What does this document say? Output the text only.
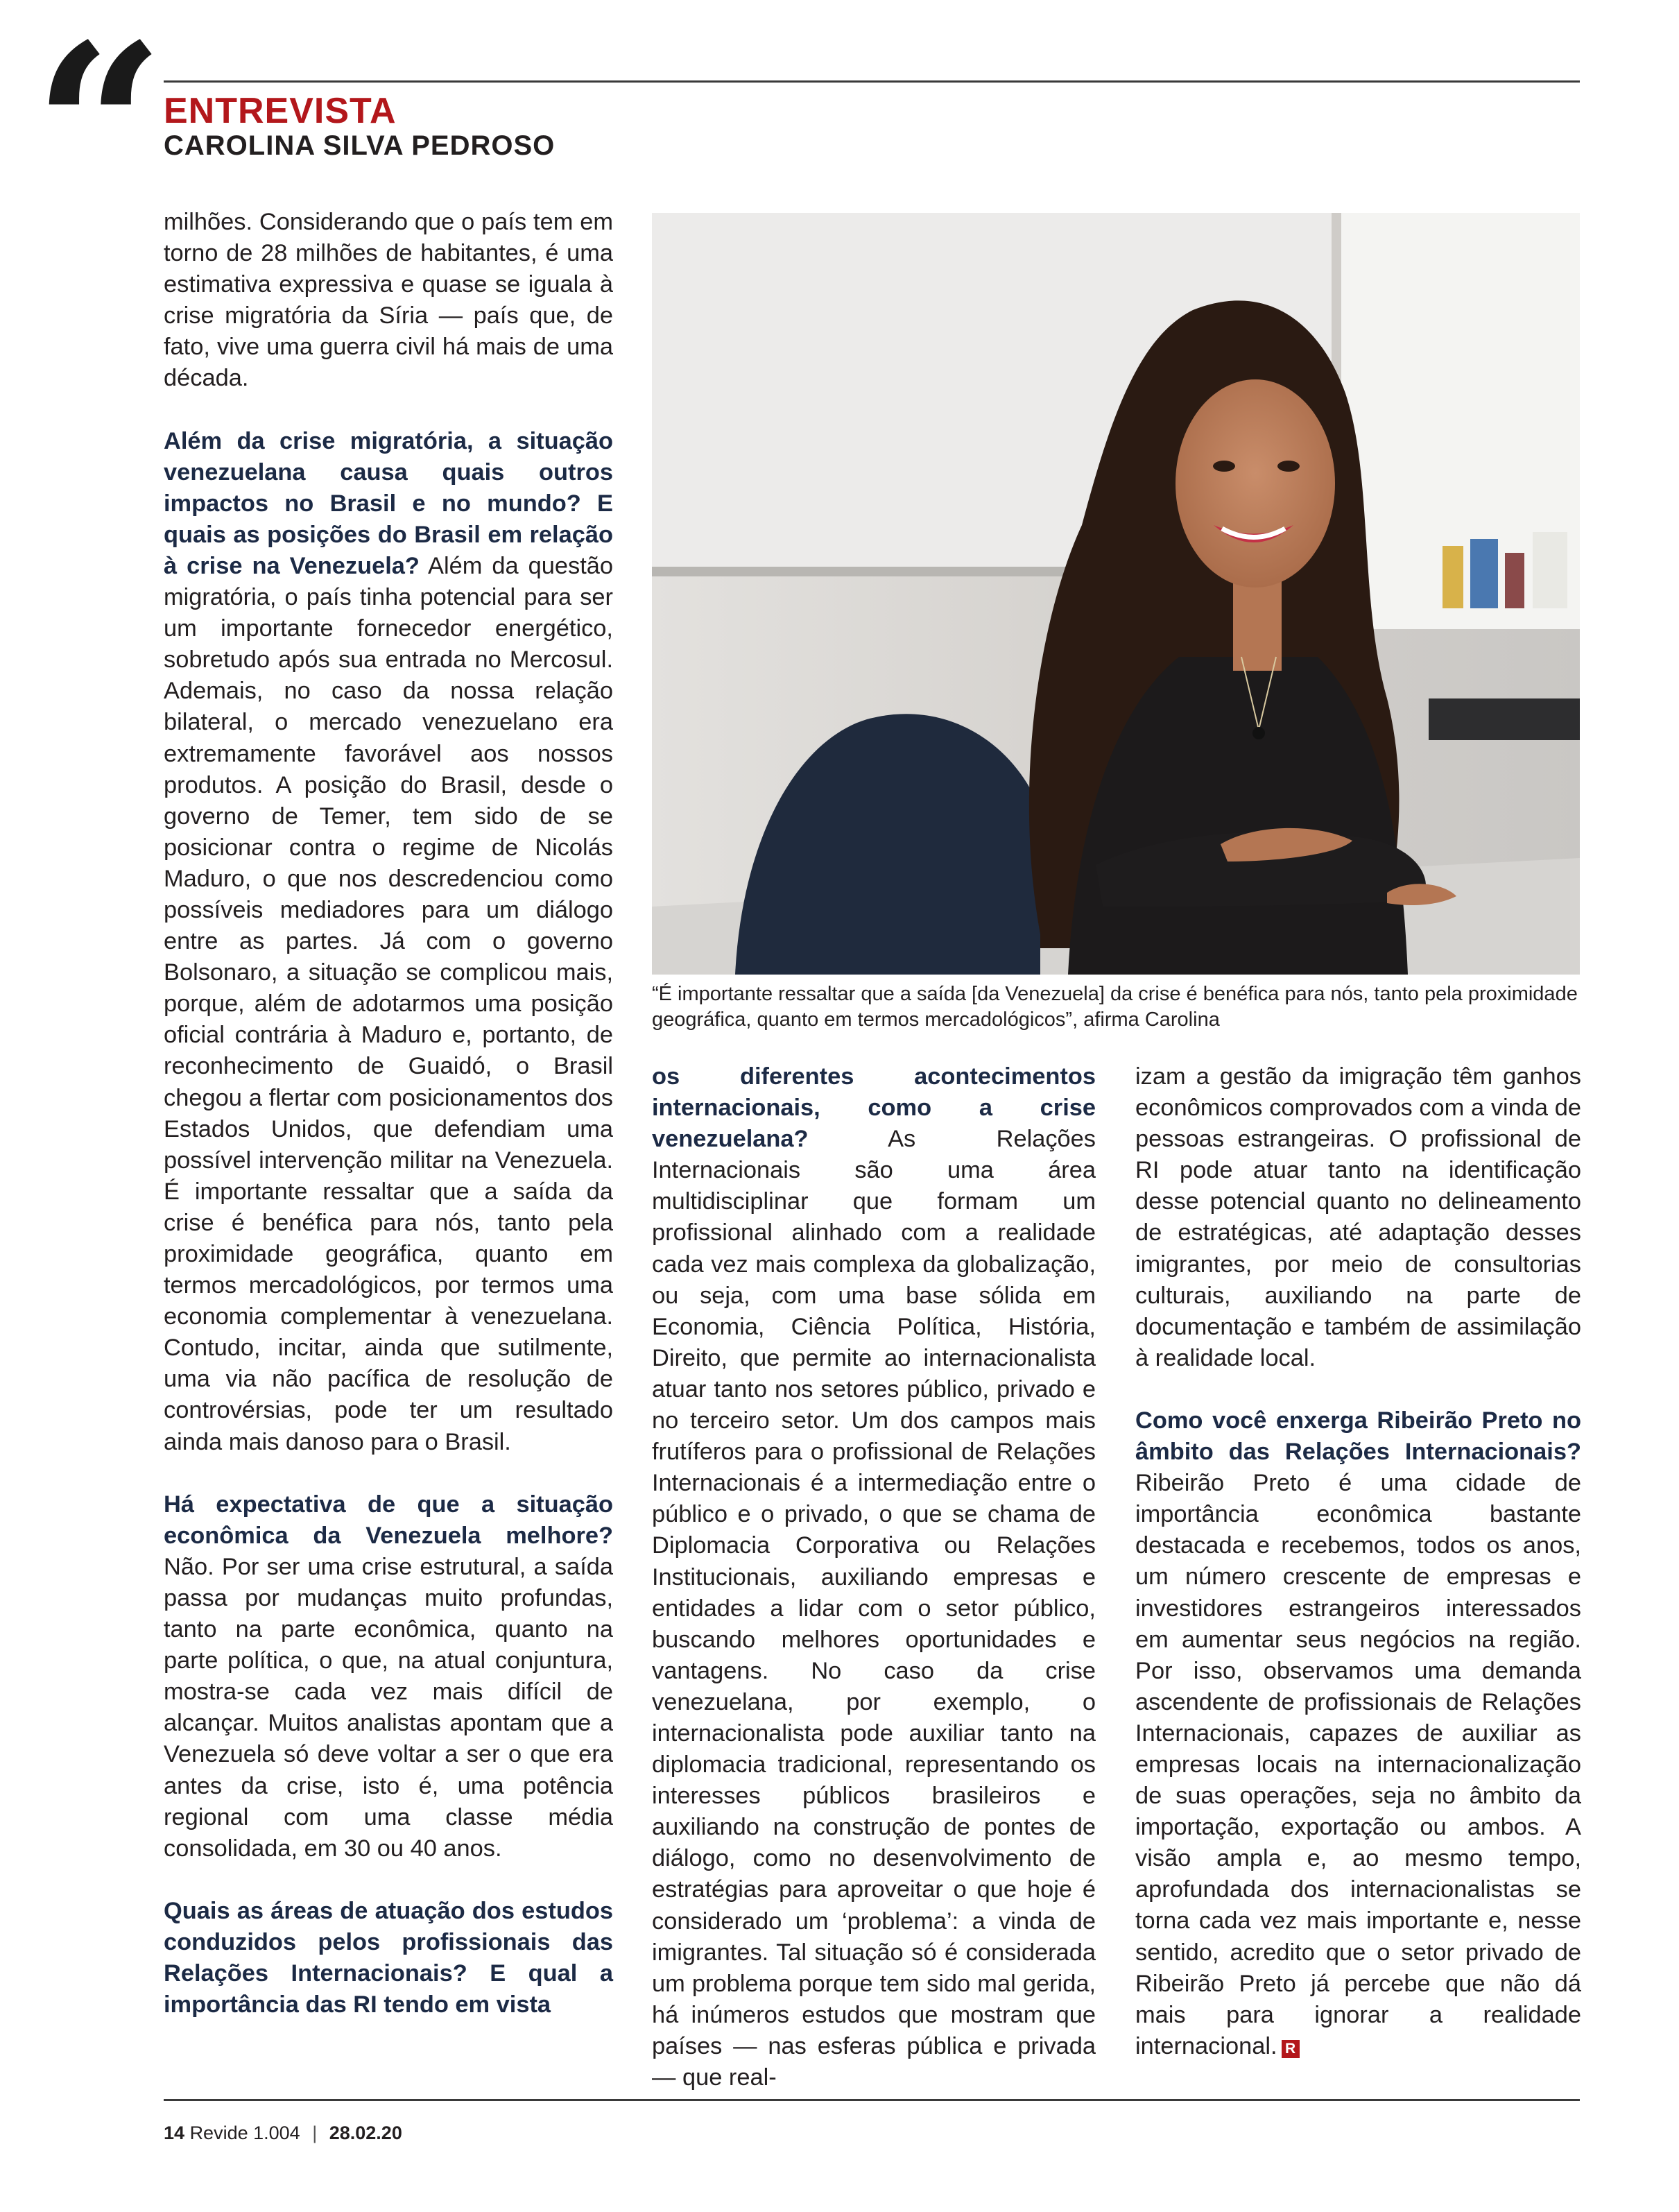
“ ENTREVISTA
CAROLINA SILVA PEDROSO

milhões. Considerando que o país tem em torno de 28 milhões de habitantes, é uma estimativa expressiva e quase se iguala à crise migratória da Síria — país que, de fato, vive uma guerra civil há mais de uma década.

Além da crise migratória, a situação venezuelana causa quais outros impactos no Brasil e no mundo? E quais as posições do Brasil em relação à crise na Venezuela? Além da questão migratória, o país tinha potencial para ser um importante fornecedor energético, sobretudo após sua entrada no Mercosul. Ademais, no caso da nossa relação bilateral, o mercado venezuelano era extremamente favorável aos nossos produtos. A posição do Brasil, desde o governo de Temer, tem sido de se posicionar contra o regime de Nicolás Maduro, o que nos descredenciou como possíveis mediadores para um diálogo entre as partes. Já com o governo Bolsonaro, a situação se complicou mais, porque, além de adotarmos uma posição oficial contrária à Maduro e, portanto, de reconhecimento de Guaidó, o Brasil chegou a flertar com posicionamentos dos Estados Unidos, que defendiam uma possível intervenção militar na Venezuela. É importante ressaltar que a saída da crise é benéfica para nós, tanto pela proximidade geográfica, quanto em termos mercadológicos, por termos uma economia complementar à venezuelana. Contudo, incitar, ainda que sutilmente, uma via não pacífica de resolução de controvérsias, pode ter um resultado ainda mais danoso para o Brasil.

Há expectativa de que a situação econômica da Venezuela melhore? Não. Por ser uma crise estrutural, a saída passa por mudanças muito profundas, tanto na parte econômica, quanto na parte política, o que, na atual conjuntura, mostra-se cada vez mais difícil de alcançar. Muitos analistas apontam que a Venezuela só deve voltar a ser o que era antes da crise, isto é, uma potência regional com uma classe média consolidada, em 30 ou 40 anos.

Quais as áreas de atuação dos estudos conduzidos pelos profissionais das Relações Internacionais? E qual a importância das RI tendo em vista

“É importante ressaltar que a saída [da Venezuela] da crise é benéfica para nós, tanto pela proximidade geográfica, quanto em termos mercadológicos”, afirma Carolina

os diferentes acontecimentos internacionais, como a crise venezuelana? As Relações Internacionais são uma área multidisciplinar que formam um profissional alinhado com a realidade cada vez mais complexa da globalização, ou seja, com uma base sólida em Economia, Ciência Política, História, Direito, que permite ao internacionalista atuar tanto nos setores público, privado e no terceiro setor. Um dos campos mais frutíferos para o profissional de Relações Internacionais é a intermediação entre o público e o privado, o que se chama de Diplomacia Corporativa ou Relações Institucionais, auxiliando empresas e entidades a lidar com o setor público, buscando melhores oportunidades e vantagens. No caso da crise venezuelana, por exemplo, o internacionalista pode auxiliar tanto na diplomacia tradicional, representando os interesses públicos brasileiros e auxiliando na construção de pontes de diálogo, como no desenvolvimento de estratégias para aproveitar o que hoje é considerado um ‘problema’: a vinda de imigrantes. Tal situação só é considerada um problema porque tem sido mal gerida, há inúmeros estudos que mostram que países — nas esferas pública e privada — que real-

izam a gestão da imigração têm ganhos econômicos comprovados com a vinda de pessoas estrangeiras. O profissional de RI pode atuar tanto na identificação desse potencial quanto no delineamento de estratégicas, até adaptação desses imigrantes, por meio de consultorias culturais, auxiliando na parte de documentação e também de assimilação à realidade local.

Como você enxerga Ribeirão Preto no âmbito das Relações Internacionais? Ribeirão Preto é uma cidade de importância econômica bastante destacada e recebemos, todos os anos, um número crescente de empresas e investidores estrangeiros interessados em aumentar seus negócios na região. Por isso, observamos uma demanda ascendente de profissionais de Relações Internacionais, capazes de auxiliar as empresas locais na internacionalização de suas operações, seja no âmbito da importação, exportação ou ambos. A visão ampla e, ao mesmo tempo, aprofundada dos internacionalistas se torna cada vez mais importante e, nesse sentido, acredito que o setor privado de Ribeirão Preto já percebe que não dá mais para ignorar a realidade internacional. R

14 Revide 1.004 | 28.02.20
